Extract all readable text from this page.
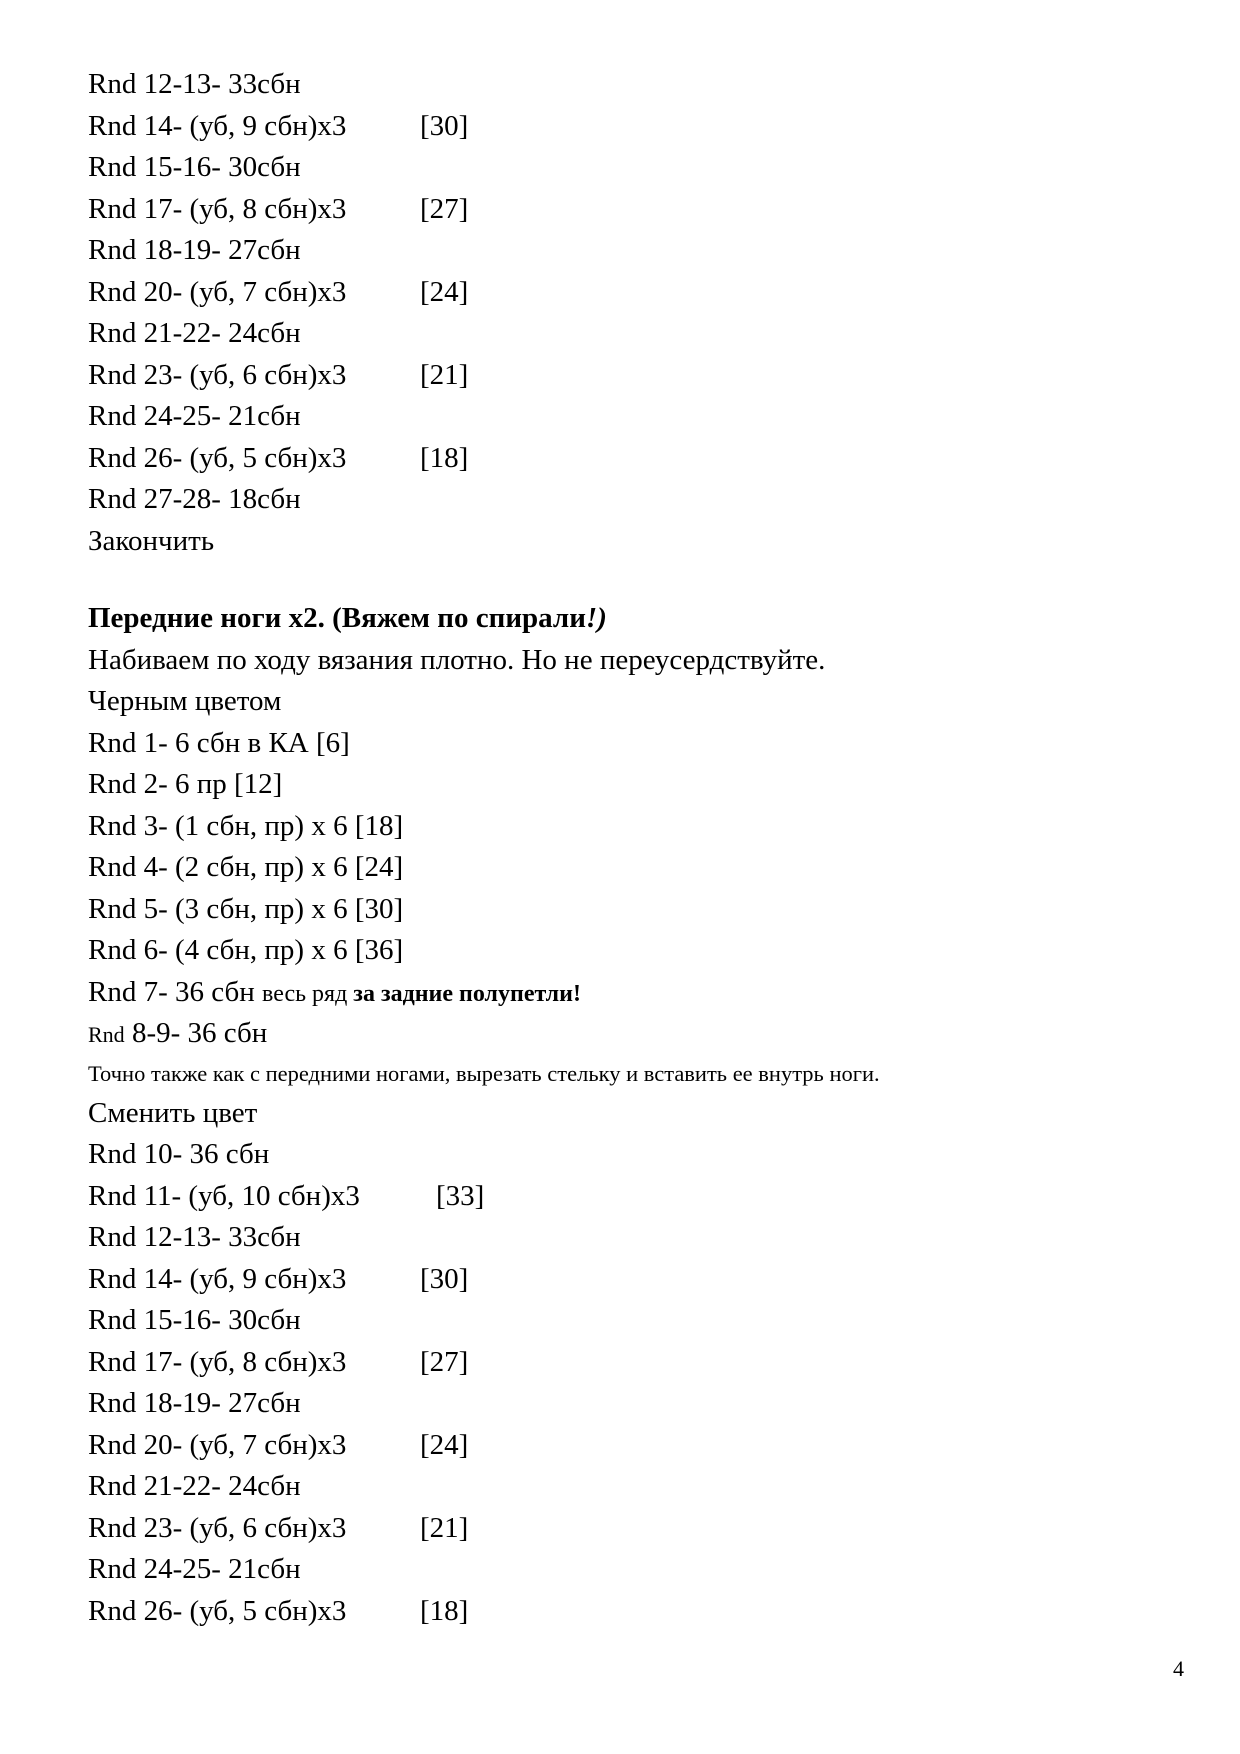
Rnd 12-13- 33сбн
Rnd 14- (уб, 9 сбн)x3	[30]
Rnd 15-16- 30сбн
Rnd 17- (уб, 8 сбн)x3	[27]
Rnd 18-19- 27сбн
Rnd 20- (уб, 7 сбн)x3	[24]
Rnd 21-22- 24сбн
Rnd 23- (уб, 6 сбн)x3	[21]
Rnd 24-25- 21сбн
Rnd 26- (уб, 5 сбн)x3	[18]
Rnd 27-28- 18сбн
Закончить
Передние ноги x2. (Вяжем по спирали!)
Набиваем по ходу вязания плотно. Но не переусердствуйте.
Черным цветом
Rnd 1- 6 сбн в КА [6]
Rnd 2- 6 пр [12]
Rnd 3- (1 сбн, пр) x 6 [18]
Rnd 4- (2 сбн, пр) x 6 [24]
Rnd 5- (3 сбн, пр) x 6 [30]
Rnd 6- (4 сбн, пр) x 6 [36]
Rnd 7- 36 сбн весь ряд за задние полупетли!
Rnd 8-9- 36 сбн
Точно также как с передними ногами, вырезать стельку и вставить ее внутрь ноги.
Сменить цвет
Rnd 10- 36 сбн
Rnd 11- (уб, 10 сбн)x3	[33]
Rnd 12-13- 33сбн
Rnd 14- (уб, 9 сбн)x3	[30]
Rnd 15-16- 30сбн
Rnd 17- (уб, 8 сбн)x3	[27]
Rnd 18-19- 27сбн
Rnd 20- (уб, 7 сбн)x3	[24]
Rnd 21-22- 24сбн
Rnd 23- (уб, 6 сбн)x3	[21]
Rnd 24-25- 21сбн
Rnd 26- (уб, 5 сбн)x3	[18]
4
